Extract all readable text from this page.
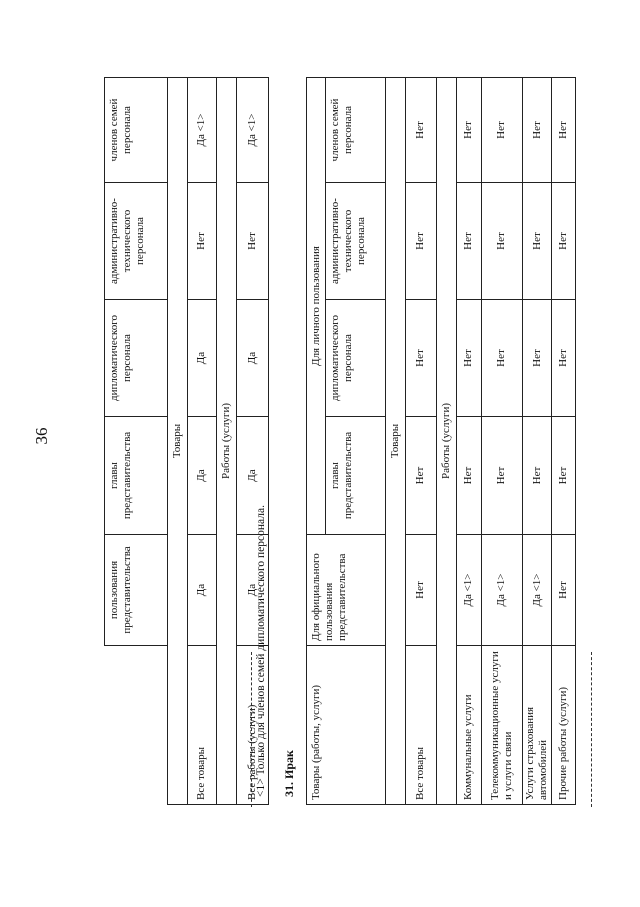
36
	пользования представительства	главы представительства	дипломатического персонала	административно-технического персонала	членов семей персонала
Товары					
Все товары	Да	Да	Да	Нет	Да <1>
Работы (услуги)					
Все работы (услуги)	Да	Да	Да	Нет	Да <1>
<1> Только для членов семей дипломатического персонала. 31. Ирак Товары (работы, услуги)	Для официального пользования представительства	Для личного пользования			
		главы представительства	дипломатического персонала	административно-технического персонала	членов семей персонала
Товары					
Все товары	Нет	Нет	Нет	Нет	Нет
Работы (услуги)					
Коммунальные услуги	Да <1>	Нет	Нет	Нет	Нет
Телекоммуникационные услуги и услуги связи	Да <1>	Нет	Нет	Нет	Нет
Услуги страхования автомобилей	Да <1>	Нет	Нет	Нет	Нет
Прочие работы (услуги)	Нет	Нет	Нет	Нет	Нет
